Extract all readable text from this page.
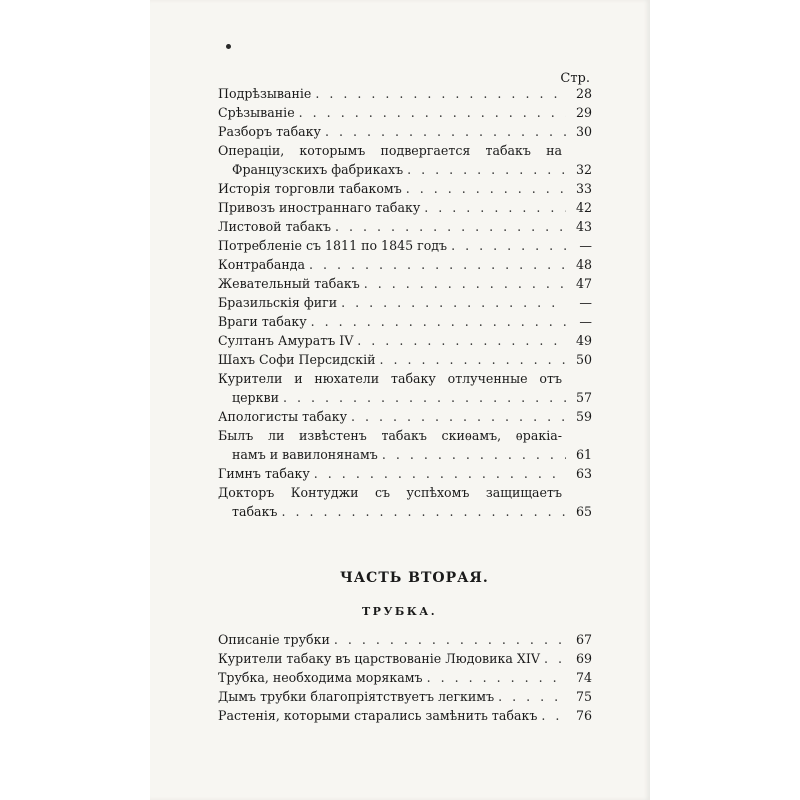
Стр.
Подрѣзываніе . . .	28
Срѣзываніе . . .	29
Разборъ табаку . . .	30
Операціи, которымъ подвергается табакъ на
Французскихъ фабрикахъ . . .	32
Исторія торговли табакомъ . . .	33
Привозъ иностраннаго табаку . . .	42
Листовой табакъ . . .	43
Потребленіе съ 1811 по 1845 годъ . . .	—
Контрабанда . . .	48
Жевательный табакъ . . .	47
Бразильскія фиги . . .	—
Враги табаку . . .	—
Султанъ Амуратъ IV . . .	49
Шахъ Софи Персидскій . . .	50
Курители и нюхатели табаку отлученные отъ
церкви . . .	57
Апологисты табаку . . .	59
Былъ ли извѣстенъ табакъ скиѳамъ, ѳракіа-
намъ и вавилонянамъ . . .	61
Гимнъ табаку . . .	63
Докторъ Контуджи съ успѣхомъ защищаетъ
табакъ . . .	65
ЧАСТЬ ВТОРАЯ.
ТРУБКА.
Описаніе трубки . . .	67
Курители табаку въ царствованіе Людовика XIV . . .	69
Трубка, необходима морякамъ . . .	74
Дымъ трубки благопріятствуетъ легкимъ . . .	75
Растенія, которыми старались замѣнить табакъ . . .	76
